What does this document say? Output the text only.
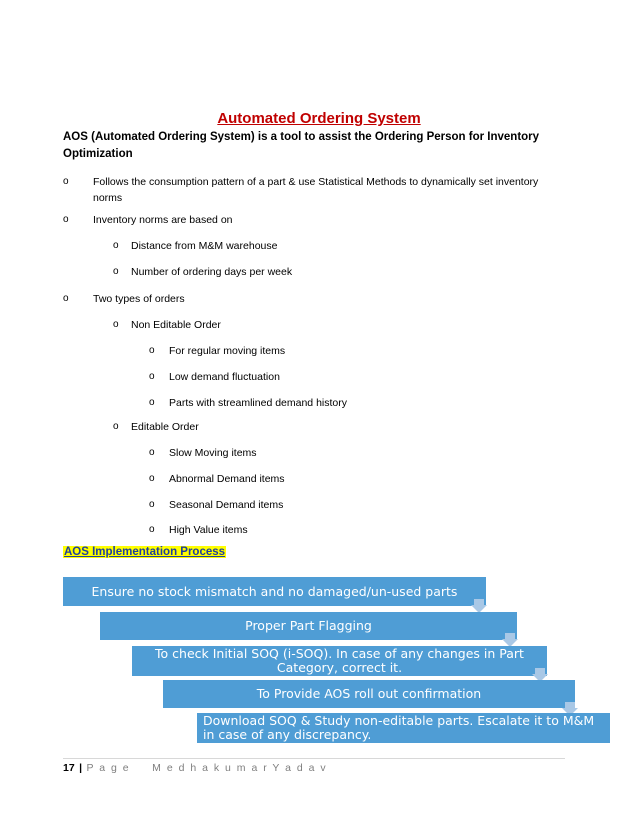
Automated Ordering System
AOS (Automated Ordering System) is a tool to assist the Ordering Person for Inventory Optimization
o Follows the consumption pattern of a part & use Statistical Methods to dynamically set inventory norms
o Inventory norms are based on
o Distance from M&M warehouse
o Number of ordering days per week
o Two types of orders
o Non Editable Order
o For regular moving items
o Low demand fluctuation
o Parts with streamlined demand history
o Editable Order
o Slow Moving items
o Abnormal Demand items
o Seasonal Demand items
o High Value items
AOS Implementation Process
Ensure no stock mismatch and no damaged/un-used parts
Proper Part Flagging
To check Initial SOQ (i-SOQ). In case of any changes in Part Category, correct it.
To Provide AOS roll out confirmation
Download SOQ & Study non-editable parts. Escalate it to M&M in case of any discrepancy.
17 | P a g e M e d h a k u m a r Y a d a v
